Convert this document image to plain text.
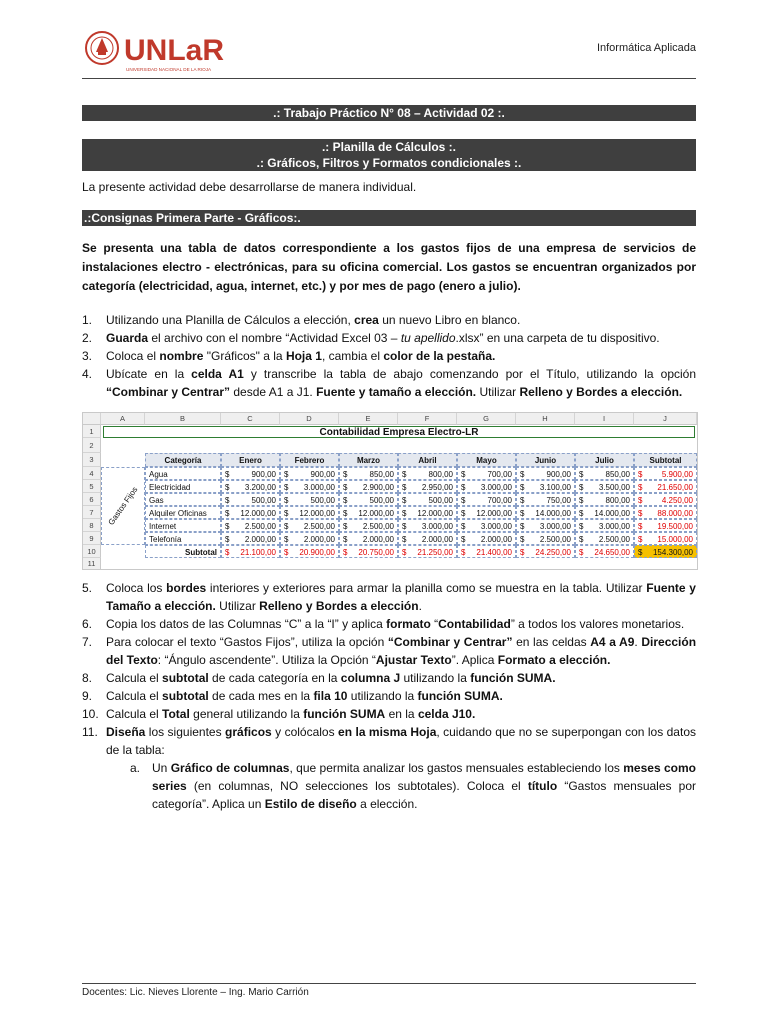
UNLaR
UNIVERSIDAD NACIONAL DE LA RIOJA
Informática Aplicada
.: Trabajo Práctico N° 08 – Actividad 02 :.
.: Planilla de Cálculos :.
.: Gráficos, Filtros y Formatos condicionales :.
La presente actividad debe desarrollarse de manera individual.
.:Consignas Primera Parte - Gráficos:.
Se presenta una tabla de datos correspondiente a los gastos fijos de una empresa de servicios de instalaciones electro - electrónicas, para su oficina comercial. Los gastos se encuentran organizados por categoría (electricidad, agua, internet, etc.) y por mes de pago (enero a julio).
1.	Utilizando una Planilla de Cálculos a elección, crea un nuevo Libro en blanco.
2.	Guarda el archivo con el nombre “Actividad Excel 03 – tu apellido.xlsx” en una carpeta de tu dispositivo.
3.	Coloca el nombre "Gráficos" a la Hoja 1, cambia el color de la pestaña.
4.	Ubícate en la celda A1 y transcribe la tabla de abajo comenzando por el Título, utilizando la opción “Combinar y Centrar” desde A1 a J1. Fuente y tamaño a elección. Utilizar Relleno y Bordes a elección.
A	B	C	D	E	F	G	H	I	J
1
2
3
4
5
6
7
8
9
10
11
Contabilidad Empresa Electro-LR
Categoría	Enero	Febrero	Marzo	Abril	Mayo	Junio	Julio	Subtotal
Gastos Fijos
Agua	$	900,00 $	900,00 $	850,00 $	800,00 $	700,00 $	900,00 $	850,00 $ 5.900,00
Electricidad	$ 3.200,00 $ 3.000,00 $ 2.900,00 $ 2.950,00 $ 3.000,00 $ 3.100,00 $ 3.500,00 $ 21.650,00
Gas	$	500,00 $	500,00 $	500,00 $	500,00 $	700,00 $	750,00 $	800,00 $ 4.250,00
Alquiler Oficinas	$ 12.000,00 $ 12.000,00 $ 12.000,00 $ 12.000,00 $ 12.000,00 $ 14.000,00 $ 14.000,00 $ 88.000,00
Internet	$ 2.500,00 $ 2.500,00 $ 2.500,00 $ 3.000,00 $ 3.000,00 $ 3.000,00 $ 3.000,00 $ 19.500,00
Telefonía	$ 2.000,00 $ 2.000,00 $ 2.000,00 $ 2.000,00 $ 2.000,00 $ 2.500,00 $ 2.500,00 $ 15.000,00
Subtotal	$ 21.100,00 $ 20.900,00 $ 20.750,00 $ 21.250,00 $ 21.400,00 $ 24.250,00 $ 24.650,00 $ 154.300,00
5.	Coloca los bordes interiores y exteriores para armar la planilla como se muestra en la tabla. Utilizar Fuente y Tamaño a elección. Utilizar Relleno y Bordes a elección.
6.	Copia los datos de las Columnas “C” a la “I” y aplica formato “Contabilidad” a todos los valores monetarios.
7.	Para colocar el texto “Gastos Fijos”, utiliza la opción “Combinar y Centrar” en las celdas A4 a A9. Dirección del Texto: “Ángulo ascendente”. Utiliza la Opción “Ajustar Texto”. Aplica Formato a elección.
8.	Calcula el subtotal de cada categoría en la columna J utilizando la función SUMA.
9.	Calcula el subtotal de cada mes en la fila 10 utilizando la función SUMA.
10. Calcula el Total general utilizando la función SUMA en la celda J10.
11. Diseña los siguientes gráficos y colócalos en la misma Hoja, cuidando que no se superpongan con los datos de la tabla:
a. Un Gráfico de columnas, que permita analizar los gastos mensuales estableciendo los meses como series (en columnas, NO selecciones los subtotales). Coloca el título “Gastos mensuales por categoría”. Aplica un Estilo de diseño a elección.
Docentes: Lic. Nieves Llorente – Ing. Mario Carrión
